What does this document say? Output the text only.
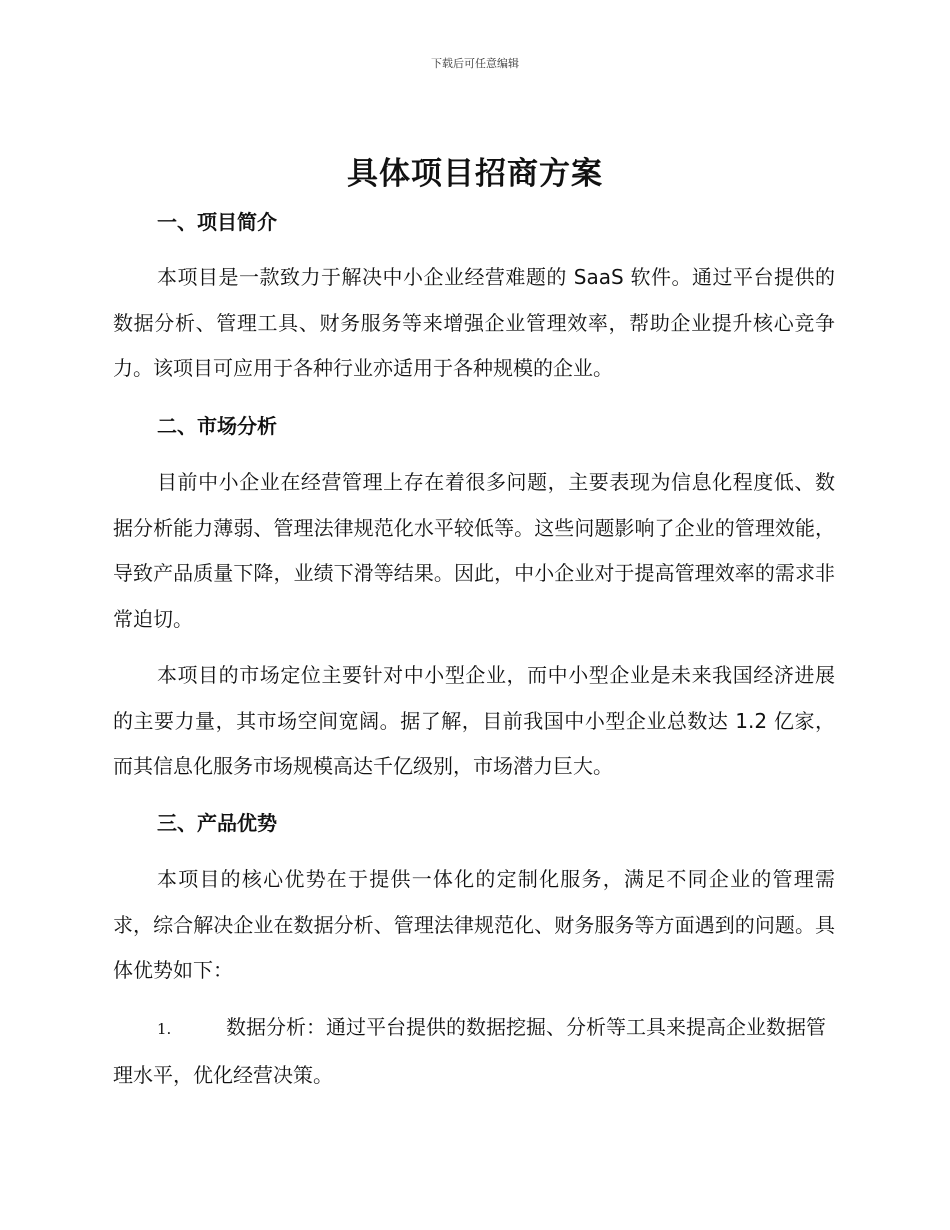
下载后可任意编辑
具体项目招商方案
一、项目简介
本项目是一款致力于解决中小企业经营难题的 SaaS 软件。通过平台提供的数据分析、管理工具、财务服务等来增强企业管理效率，帮助企业提升核心竞争力。该项目可应用于各种行业亦适用于各种规模的企业。
二、市场分析
目前中小企业在经营管理上存在着很多问题，主要表现为信息化程度低、数据分析能力薄弱、管理法律规范化水平较低等。这些问题影响了企业的管理效能，导致产品质量下降，业绩下滑等结果。因此，中小企业对于提高管理效率的需求非常迫切。
本项目的市场定位主要针对中小型企业，而中小型企业是未来我国经济进展的主要力量，其市场空间宽阔。据了解，目前我国中小型企业总数达 1.2 亿家，而其信息化服务市场规模高达千亿级别，市场潜力巨大。
三、产品优势
本项目的核心优势在于提供一体化的定制化服务，满足不同企业的管理需求，综合解决企业在数据分析、管理法律规范化、财务服务等方面遇到的问题。具体优势如下：
1.	数据分析：通过平台提供的数据挖掘、分析等工具来提高企业数据管理水平，优化经营决策。
